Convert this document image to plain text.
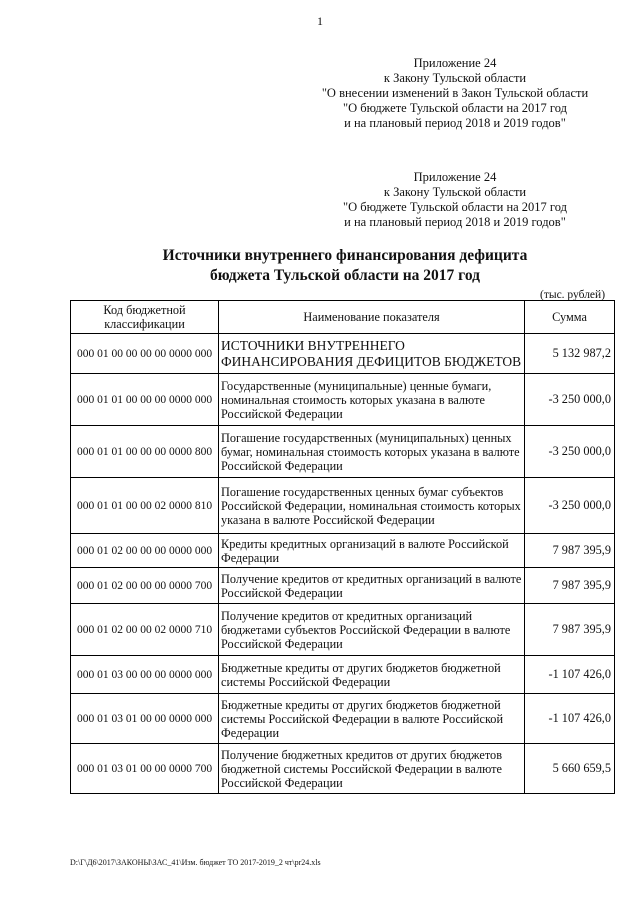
1
Приложение 24
к Закону Тульской области
"О внесении изменений в Закон Тульской области
"О бюджете Тульской области на 2017 год
и на плановый период 2018 и 2019 годов"
Приложение 24
к Закону Тульской области
"О бюджете Тульской области на 2017 год
и на плановый период 2018 и 2019 годов"
Источники внутреннего финансирования дефицита
бюджета Тульской области на 2017 год
(тыс. рублей)
Код бюджетной классификации	Наименование показателя	Сумма
000 01 00 00 00 00 0000 000	ИСТОЧНИКИ ВНУТРЕННЕГО ФИНАНСИРОВАНИЯ ДЕФИЦИТОВ БЮДЖЕТОВ	5 132 987,2
000 01 01 00 00 00 0000 000	Государственные (муниципальные) ценные бумаги, номинальная стоимость которых указана в валюте Российской Федерации	-3 250 000,0
000 01 01 00 00 00 0000 800	Погашение государственных (муниципальных) ценных бумаг, номинальная стоимость которых указана в валюте Российской Федерации	-3 250 000,0
000 01 01 00 00 02 0000 810	Погашение государственных ценных бумаг субъектов Российской Федерации, номинальная стоимость которых указана в валюте Российской Федерации	-3 250 000,0
000 01 02 00 00 00 0000 000	Кредиты кредитных организаций в валюте Российской Федерации	7 987 395,9
000 01 02 00 00 00 0000 700	Получение кредитов от кредитных организаций в валюте Российской Федерации	7 987 395,9
000 01 02 00 00 02 0000 710	Получение кредитов от кредитных организаций бюджетами субъектов Российской Федерации в валюте Российской Федерации	7 987 395,9
000 01 03 00 00 00 0000 000	Бюджетные кредиты от других бюджетов бюджетной системы Российской Федерации	-1 107 426,0
000 01 03 01 00 00 0000 000	Бюджетные кредиты от других бюджетов бюджетной системы Российской Федерации в валюте Российской Федерации	-1 107 426,0
000 01 03 01 00 00 0000 700	Получение бюджетных кредитов от других бюджетов бюджетной системы Российской Федерации в валюте Российской Федерации	5 660 659,5
D:\Г\Д6\2017\ЗАКОНЫ\ЗАС_41\Изм. бюджет ТО 2017-2019_2 чт\pr24.xls
